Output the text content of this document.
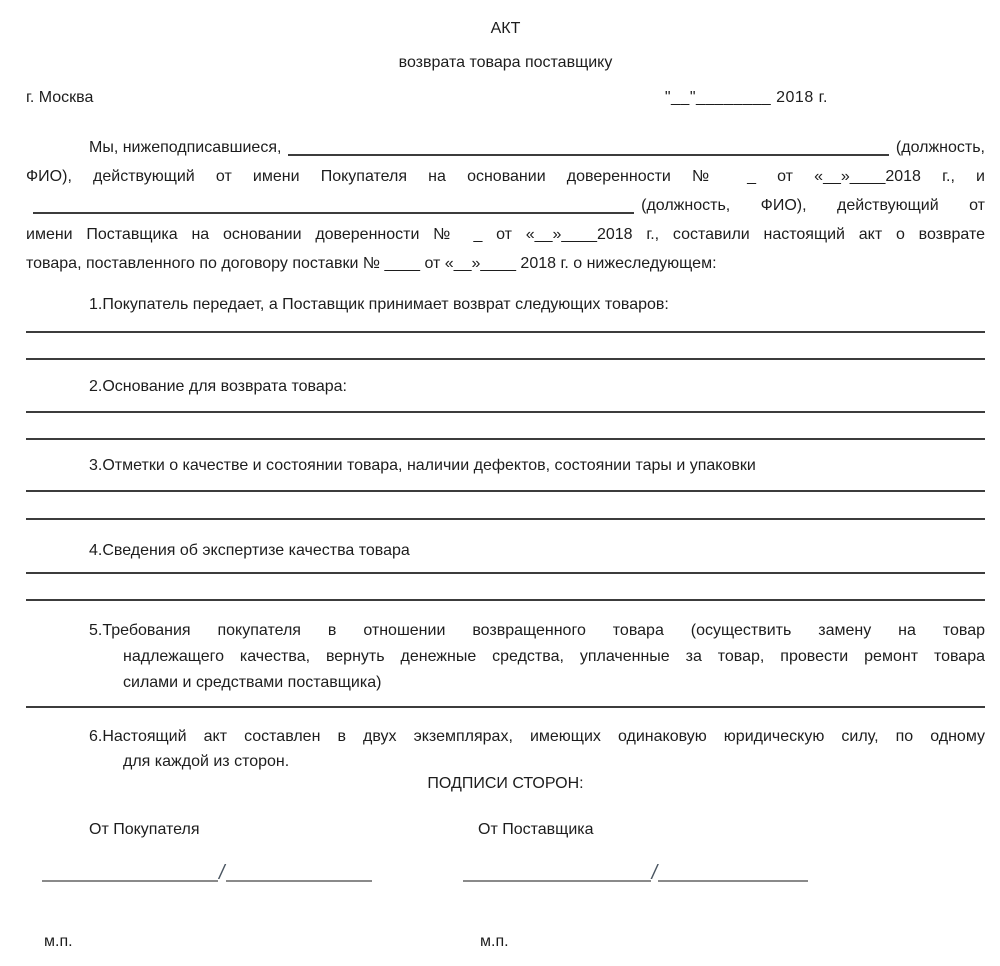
АКТ
возврата товара поставщику
г. Москва	"__"________ 2018 г.
Мы, нижеподписавшиеся,	(должность,
ФИО), действующий от имени Покупателя на основании доверенности № _ от «__»____2018 г., и
(должность, ФИО), действующий от
имени Поставщика на основании доверенности № _ от «__»____2018 г., составили настоящий акт о возврате
товара, поставленного по договору поставки № ____ от «__»____ 2018 г. о нижеследующем:
1.Покупатель передает, а Поставщик принимает возврат следующих товаров:
2.Основание для возврата товара:
3.Отметки о качестве и состоянии товара, наличии дефектов, состоянии тары и упаковки
4.Сведения об экспертизе качества товара
5.Требования покупателя в отношении возвращенного товара (осуществить замену на товар
надлежащего качества, вернуть денежные средства, уплаченные за товар, провести ремонт товара
силами и средствами поставщика)
6.Настоящий акт составлен в двух экземплярах, имеющих одинаковую юридическую силу, по одному
для каждой из сторон.
ПОДПИСИ СТОРОН:
От Покупателя	От Поставщика
/	/
м.п.	м.п.
